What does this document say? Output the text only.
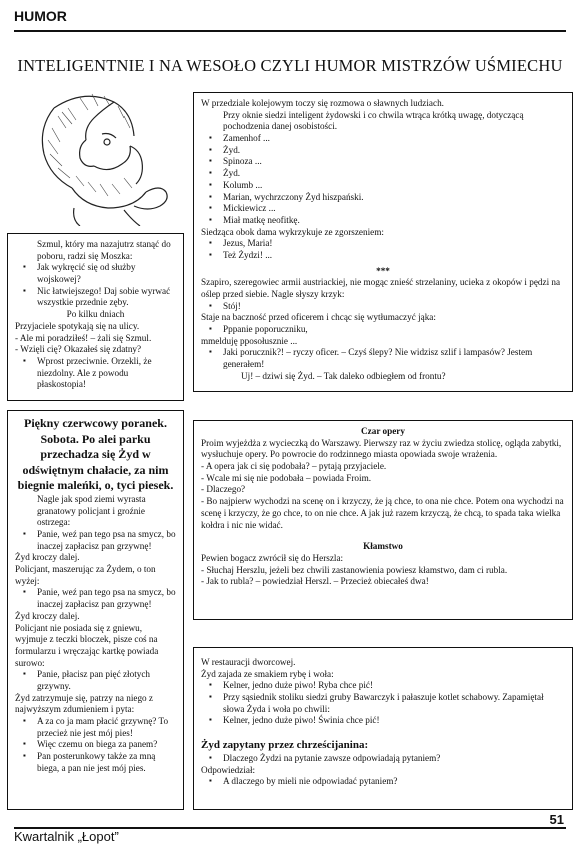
HUMOR
INTELIGENTNIE I NA WESOŁO CZYLI HUMOR MISTRZÓW UŚMIECHU

Szmul, który ma nazajutrz stanąć do poboru, radzi się Moszka:

▪ Jak wykręcić się od służby wojskowej?
▪ Nic łatwiejszego! Daj sobie wyrwać wszystkie przednie zęby.

Po kilku dniach

Przyjaciele spotykają się na ulicy.

- Ale mi poradziłeś! – żali się Szmul.

- Wzięli cię? Okazałeś się zdatny?

▪ Wprost przeciwnie. Orzekli, że niezdolny. Ale z powodu płaskostopia!

W przedziale kolejowym toczy się rozmowa o sławnych ludziach.

Przy oknie siedzi inteligent żydowski i co chwila wtrąca krótką uwagę, dotyczącą pochodzenia danej osobistości.

▪ Zamenhof ...
▪ Żyd.
▪ Spinoza ...
▪ Żyd.
▪ Kolumb ...
▪ Marian, wychrzczony Żyd hiszpański.
▪ Mickiewicz ...
▪ Miał matkę neofitkę.

Siedząca obok dama wykrzykuje ze zgorszeniem:

▪ Jezus, Maria!
▪ Też Żydzi! ...

***

Szapiro, szeregowiec armii austriackiej, nie mogąc znieść strzelaniny, ucieka z okopów i pędzi na oślep przed siebie. Nagle słyszy krzyk:

▪ Stój!

Staje na baczność przed oficerem i chcąc się wytłumaczyć jąka:

▪ Pppanie poporuczniku,

mmelduję pposołusznie ...

▪ Jaki porucznik?! – ryczy oficer. – Czyś ślepy? Nie widzisz szlif i lampasów? Jestem generałem!

Uj! – dziwi się Żyd. – Tak daleko odbiegłem od frontu?

Piękny czerwcowy poranek. Sobota. Po alei parku przechadza się Żyd w odświętnym chałacie, za nim biegnie maleńki, o, tyci piesek.

Nagle jak spod ziemi wyrasta granatowy policjant i groźnie ostrzega:

▪ Panie, weź pan tego psa na smycz, bo inaczej zapłacisz pan grzywnę!

Żyd kroczy dalej.

Policjant, maszerując za Żydem, o ton wyżej:

▪ Panie, weź pan tego psa na smycz, bo inaczej zapłacisz pan grzywnę!

Żyd kroczy dalej.

Policjant nie posiada się z gniewu, wyjmuje z teczki bloczek, pisze coś na formularzu i wręczając kartkę powiada surowo:

▪ Panie, płacisz pan pięć złotych grzywny.

Żyd zatrzymuje się, patrzy na niego z najwyższym zdumieniem i pyta:

▪ A za co ja mam płacić grzywnę? To przecież nie jest mój pies!
▪ Więc czemu on biega za panem?
▪ Pan posterunkowy także za mną biega, a pan nie jest mój pies.

Czar opery

Proim wyjeżdża z wycieczką do Warszawy. Pierwszy raz w życiu zwiedza stolicę, ogląda zabytki, wysłuchuje opery. Po powrocie do rodzinnego miasta opowiada swoje wrażenia.

- A opera jak ci się podobała? – pytają przyjaciele.

- Wcale mi się nie podobała – powiada Froim.

- Dlaczego?

- Bo najpierw wychodzi na scenę on i krzyczy, że ją chce, to ona nie chce. Potem ona wychodzi na scenę i krzyczy, że go chce, to on nie chce. A jak już razem krzyczą, że chcą, to spada taka wielka kołdra i nic nie widać.

Kłamstwo

Pewien bogacz zwrócił się do Herszla:

- Słuchaj Herszlu, jeżeli bez chwili zastanowienia powiesz kłamstwo, dam ci rubla.

- Jak to rubla? – powiedział Herszl. – Przecież obiecałeś dwa!

W restauracji dworcowej.

Żyd zajada ze smakiem rybę i woła:

▪ Kelner, jedno duże piwo! Ryba chce pić!
▪ Przy sąsiednik stoliku siedzi gruby Bawarczyk i pałaszuje kotlet schabowy. Zapamiętał słowa Żyda i woła po chwili:
▪ Kelner, jedno duże piwo! Świnia chce pić!

Żyd zapytany przez chrześcijanina:

▪ Dlaczego Żydzi na pytanie zawsze odpowiadają pytaniem?

Odpowiedział:

▪ A dlaczego by mieli nie odpowiadać pytaniem?
51
Kwartalnik „Łopot”
